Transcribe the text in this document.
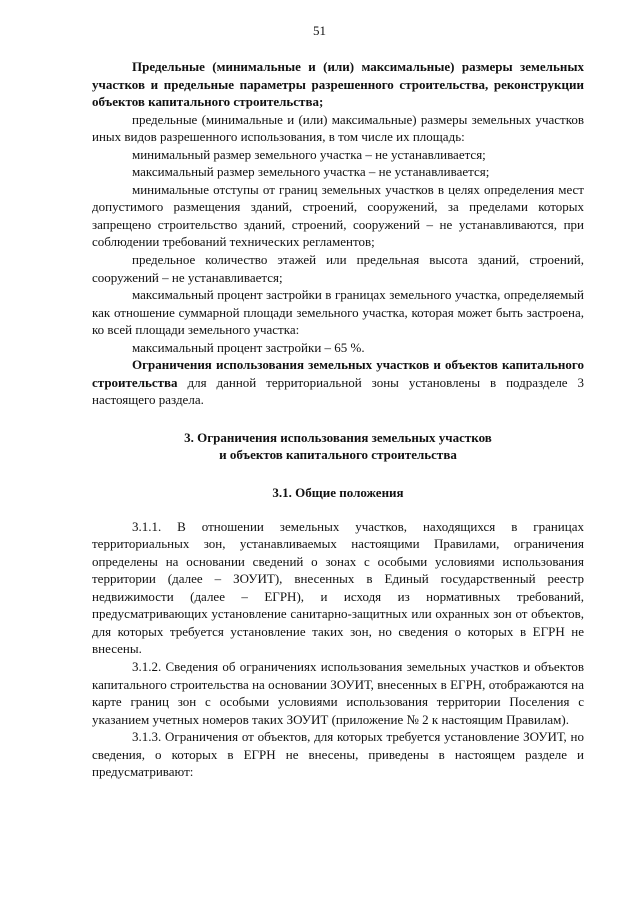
51

Предельные (минимальные и (или) максимальные) размеры земельных участков и предельные параметры разрешенного строительства, реконструкции объектов капитального строительства;

предельные (минимальные и (или) максимальные) размеры земельных участков иных видов разрешенного использования, в том числе их площадь:

минимальный размер земельного участка – не устанавливается;

максимальный размер земельного участка – не устанавливается;

минимальные отступы от границ земельных участков в целях определения мест допустимого размещения зданий, строений, сооружений, за пределами которых запрещено строительство зданий, строений, сооружений – не устанавливаются, при соблюдении требований технических регламентов;

предельное количество этажей или предельная высота зданий, строений, сооружений – не устанавливается;

максимальный процент застройки в границах земельного участка, определяемый как отношение суммарной площади земельного участка, которая может быть застроена, ко всей площади земельного участка:

максимальный процент застройки – 65 %.

Ограничения использования земельных участков и объектов капитального строительства для данной территориальной зоны установлены в подразделе 3 настоящего раздела.

3. Ограничения использования земельных участков
и объектов капитального строительства
3.1. Общие положения

3.1.1. В отношении земельных участков, находящихся в границах территориальных зон, устанавливаемых настоящими Правилами, ограничения определены на основании сведений о зонах с особыми условиями использования территории (далее – ЗОУИТ), внесенных в Единый государственный реестр недвижимости (далее – ЕГРН), и исходя из нормативных требований, предусматривающих установление санитарно-защитных или охранных зон от объектов, для которых требуется установление таких зон, но сведения о которых в ЕГРН не внесены.

3.1.2. Сведения об ограничениях использования земельных участков и объектов капитального строительства на основании ЗОУИТ, внесенных в ЕГРН, отображаются на карте границ зон с особыми условиями использования территории Поселения с указанием учетных номеров таких ЗОУИТ (приложение № 2 к настоящим Правилам).

3.1.3. Ограничения от объектов, для которых требуется установление ЗОУИТ, но сведения, о которых в ЕГРН не внесены, приведены в настоящем разделе и предусматривают:
